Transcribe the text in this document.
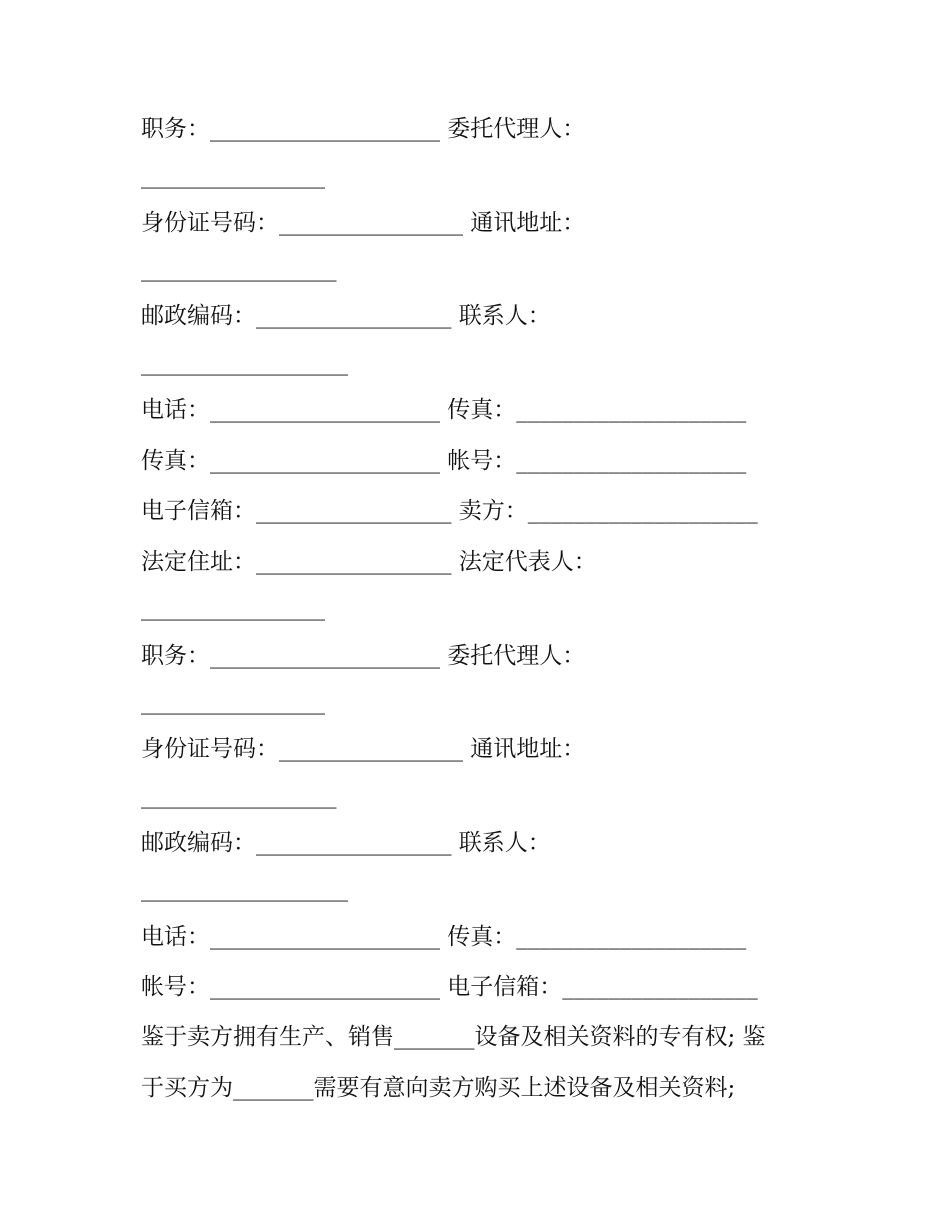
职务：____________________ 委托代理人：
________________
身份证号码：________________ 通讯地址：
_________________
邮政编码：_________________ 联系人：
__________________
电话：____________________ 传真：____________________
传真：____________________ 帐号：____________________
电子信箱：_________________ 卖方：____________________
法定住址：_________________ 法定代表人：
________________
职务：____________________ 委托代理人：
________________
身份证号码：________________ 通讯地址：
_________________
邮政编码：_________________ 联系人：
__________________
电话：____________________ 传真：____________________
帐号：____________________ 电子信箱：_________________
鉴于卖方拥有生产、销售_______设备及相关资料的专有权; 鉴
于买方为_______需要有意向卖方购买上述设备及相关资料;
